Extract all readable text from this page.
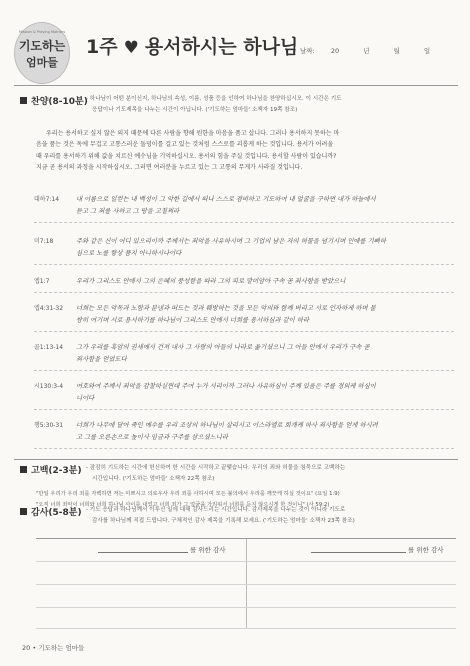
Mission & Praying Mothers
기도하는
엄마들
1주 ♥ 용서하시는 하나님 날짜: 20	년	월	일
찬양(8-10분)
- 하나님이 어떤 분이신지, 하나님의 속성, 이름, 성품 등을 인하여 하나님을 찬양하십시오. 이 시간은 기도
응답이나 기도제목을 나누는 시간이 아닙니다. ('기도하는 엄마들' 소책자 19쪽 참조)
우리는 용서하고 싶지 않은 의지 때문에 다른 사람을 향해 원한을 마음을 품고 삽니다. 그러나 용서하지 못하는 마
음을 품는 것은 독에 무겁고 고통스러운 돌덩이를 걸고 있는 것처럼 스스로를 괴롭게 하는 것입니다. 용서가 어려울
때 우리를 용서하기 위해 값을 치르신 예수님을 기억하십시오. 용서의 힘을 주실 것입니다. 용서할 사람이 있습니까?
지금 곧 용서의 과정을 시작하십시오. 그러면 여러분을 누르고 있는 그 고통의 무게가 사라질 것입니다.
대하7:14	내 이름으로 일컫는 내 백성이 그 악한 길에서 떠나 스스로 겸비하고 기도하여 내 얼굴을 구하면 내가 하늘에서
듣고 그 죄를 사하고 그 땅을 고칠찌라
미7:18	주와 같은 신이 어디 있으리이까 주께서는 죄악을 사유하시며 그 기업의 남은 자의 허물을 넘기시며 인애를 기뻐하
심으로 노를 항상 품지 아니하시나이다
엡1:7	우리가 그리스도 안에서 그의 은혜의 풍성함을 따라 그의 피로 말미암아 구속 곧 죄사함을 받았으니
엡4:31-32	너희는 모든 악독과 노함과 분냄과 떠드는 것과 훼방하는 것을 모든 악의와 함께 버리고 서로 인자하게 하며 불
쌍히 여기며 서로 용서하기를 하나님이 그리스도 안에서 너희를 용서하심과 같이 하라
골1:13-14	그가 우리를 흑암의 권세에서 건져 내사 그 사랑의 아들의 나라로 옮기셨으니 그 아들 안에서 우리가 구속 곧
죄사함을 얻었도다
시130:3-4	여호와여 주께서 죄악을 감찰하실찐대 주여 누가 서리이까 그러나 사유하심이 주께 있음은 주를 경외케 하심이
니이다
행5:30-31	너희가 나무에 달아 죽인 예수를 우리 조상의 하나님이 살리시고 이스라엘로 회개케 하사 죄사함을 얻게 하시려
고 그를 오른손으로 높이사 임금과 구주를 삼으셨느니라
고백(2-3분) - 잠잠히 기도하는 시간에 헌신하여 한 시간을 시작하고 끝맺습니다. 우리의 죄와 허물을 침묵으로 고백하는
시간입니다. ('기도하는 엄마들' 소책자 22쪽 참조)
"만일 우리가 우리 죄를 자백하면 저는 미쁘시고 의로우사 우리 죄를 사하시며 모든 불의에서 우리를 깨끗케 하실 것이요" (요일 1:9)
"오직 너희 죄악이 너희와 너희 하나님 사이를 내었고 너희 죄가 그 얼굴을 가리워서 너희를 듣지 않으시게 한 것이니" (사 59:2)
감사(5-8분) - 기도 응답과 하나님께서 이루신 일에 대해 감사드리는 시간입니다. 감사제목을 나누는 것이 아니라 기도로
감사를 하나님께 직접 드립니다. 구체적인 감사 제목을 기록해 보세요. ('기도하는 엄마들' 소책자 23쪽 참조)
를 위한 감사	를 위한 감사
20 • 기도하는 엄마들
